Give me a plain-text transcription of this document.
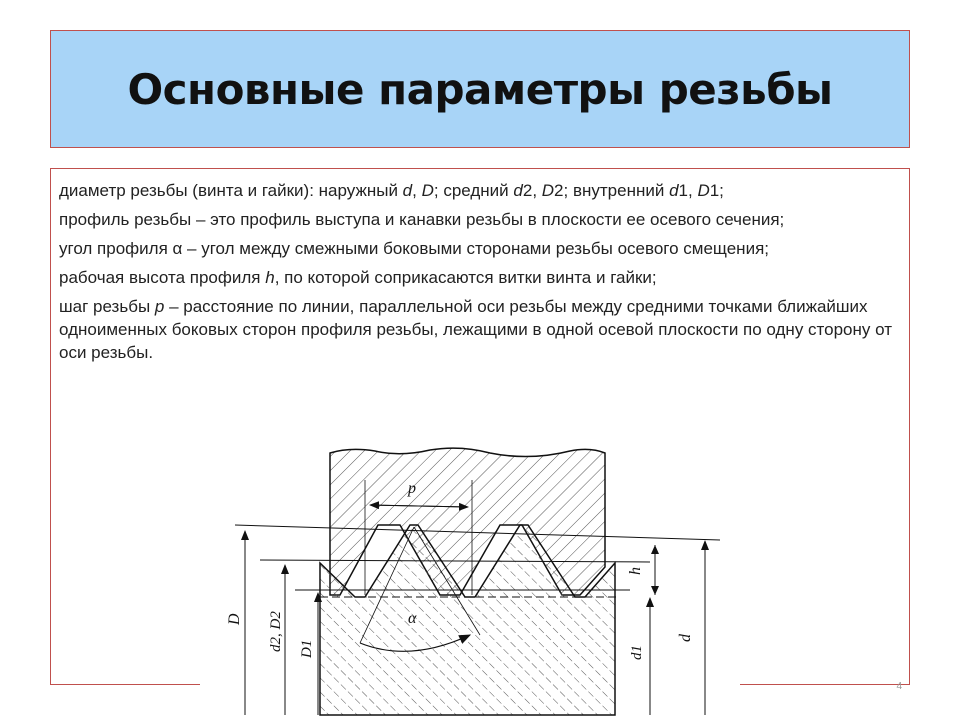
Основные параметры резьбы

диаметр резьбы (винта и гайки): наружный d, D; средний d2, D2; внутренний d1, D1;

профиль резьбы – это профиль выступа и канавки резьбы в плоскости ее осевого сечения;

угол профиля α – угол между смежными боковыми сторонами резьбы осевого смещения;

рабочая высота профиля h, по которой соприкасаются витки винта и гайки;

шаг резьбы p – расстояние по линии, параллельной оси резьбы между средними точками ближайших одноименных боковых сторон профиля резьбы, лежащими в одной осевой плоскости по одну сторону от оси резьбы.

p
h
α
D d2, D2 D1	d1
d
4
